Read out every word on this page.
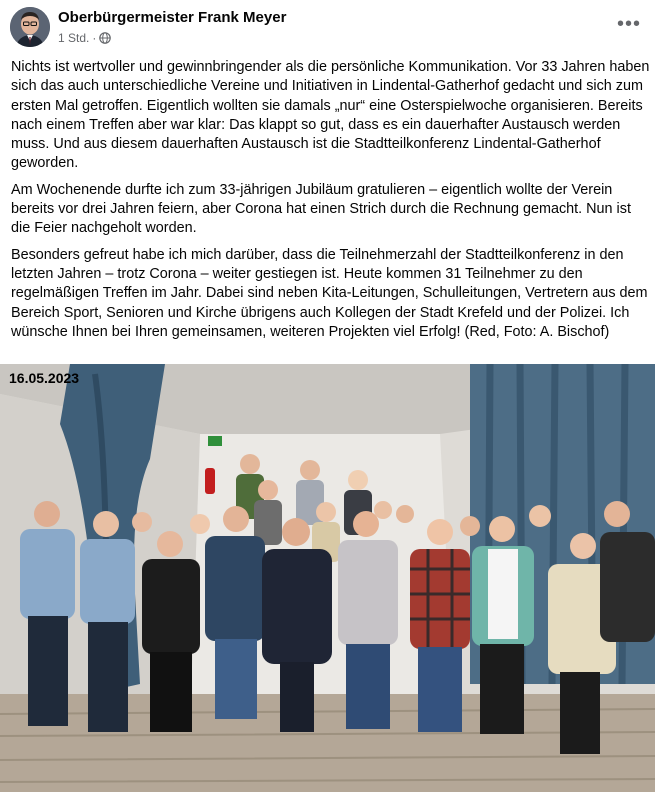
Oberbürgermeister Frank Meyer
1 Std. ·
•••

Nichts ist wertvoller und gewinnbringender als die persönliche Kommunikation. Vor 33 Jahren haben sich das auch unterschiedliche Vereine und Initiativen in Lindental-Gatherhof gedacht und sich zum ersten Mal getroffen. Eigentlich wollten sie damals „nur“ eine Osterspielwoche organisieren. Bereits nach einem Treffen aber war klar: Das klappt so gut, dass es ein dauerhafter Austausch werden muss. Und aus diesem dauerhaften Austausch ist die Stadtteilkonferenz Lindental-Gatherhof geworden.

Am Wochenende durfte ich zum 33-jährigen Jubiläum gratulieren – eigentlich wollte der Verein bereits vor drei Jahren feiern, aber Corona hat einen Strich durch die Rechnung gemacht. Nun ist die Feier nachgeholt worden.

Besonders gefreut habe ich mich darüber, dass die Teilnehmerzahl der Stadtteilkonferenz in den letzten Jahren – trotz Corona – weiter gestiegen ist. Heute kommen 31 Teilnehmer zu den regelmäßigen Treffen im Jahr. Dabei sind neben Kita-Leitungen, Schulleitungen, Vertretern aus dem Bereich Sport, Senioren und Kirche übrigens auch Kollegen der Stadt Krefeld und der Polizei. Ich wünsche Ihnen bei Ihren gemeinsamen, weiteren Projekten viel Erfolg! (Red, Foto: A. Bischof)

16.05.2023
